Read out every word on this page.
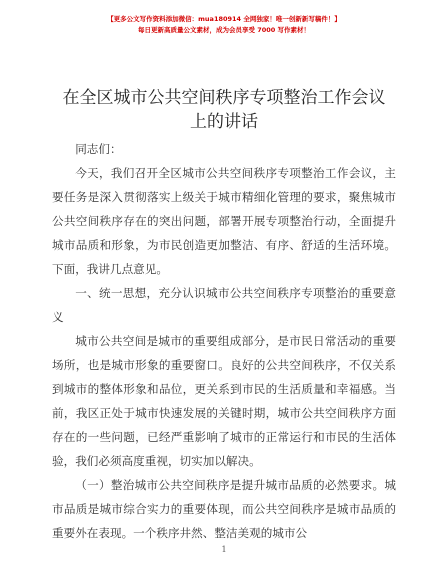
【更多公文写作资料添加微信：mua180914 全网独家！唯一创新新写稿件！】
每日更新高质量公文素材，成为会员享受 7000 写作素材！
在全区城市公共空间秩序专项整治工作会议上的讲话

同志们：

今天，我们召开全区城市公共空间秩序专项整治工作会议，主要任务是深入贯彻落实上级关于城市精细化管理的要求，聚焦城市公共空间秩序存在的突出问题，部署开展专项整治行动，全面提升城市品质和形象，为市民创造更加整洁、有序、舒适的生活环境。下面，我讲几点意见。

一、统一思想，充分认识城市公共空间秩序专项整治的重要意义

城市公共空间是城市的重要组成部分，是市民日常活动的重要场所，也是城市形象的重要窗口。良好的公共空间秩序，不仅关系到城市的整体形象和品位，更关系到市民的生活质量和幸福感。当前，我区正处于城市快速发展的关键时期，城市公共空间秩序方面存在的一些问题，已经严重影响了城市的正常运行和市民的生活体验，我们必须高度重视，切实加以解决。

（一）整治城市公共空间秩序是提升城市品质的必然要求。城市品质是城市综合实力的重要体现，而公共空间秩序是城市品质的重要外在表现。一个秩序井然、整洁美观的城市公

1
